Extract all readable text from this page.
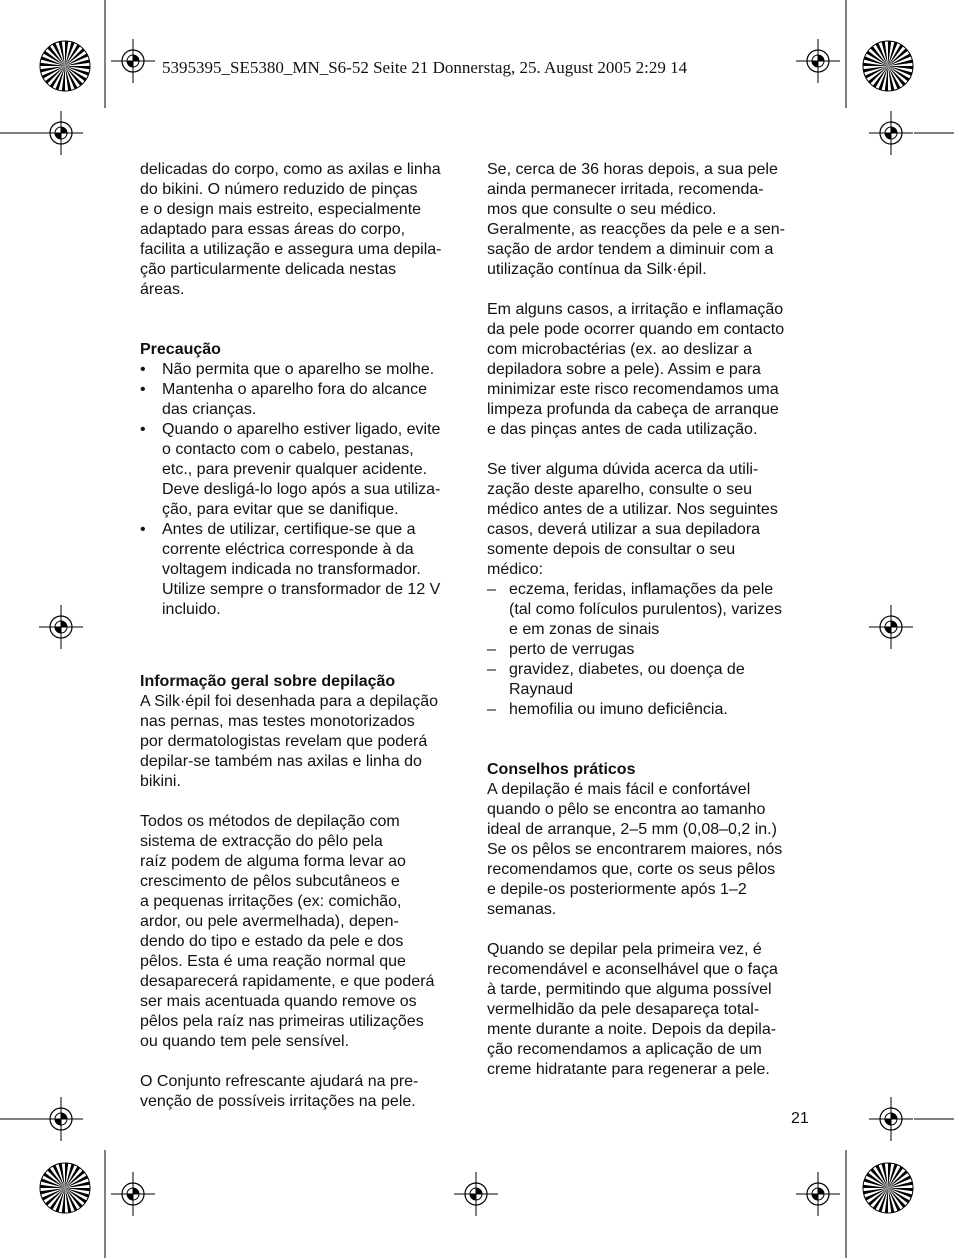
5395395_SE5380_MN_S6-52 Seite 21 Donnerstag, 25. August 2005 2:29 14

delicadas do corpo, como as axilas e linha

do bikini. O número reduzido de pinças

e o design mais estreito, especialmente

adaptado para essas áreas do corpo,

facilita a utilização e assegura uma depila-

ção particularmente delicada nestas

áreas.

Precaução
•	Não permita que o aparelho se molhe.

•	Mantenha o aparelho fora do alcance

das crianças.

•	Quando o aparelho estiver ligado, evite

o contacto com o cabelo, pestanas,

etc., para prevenir qualquer acidente.

Deve desligá-lo logo após a sua utiliza-

ção, para evitar que se danifique.

•	Antes de utilizar, certifique-se que a

corrente eléctrica corresponde à da

voltagem indicada no transformador.

Utilize sempre o transformador de 12 V

incluido.

Informação geral sobre depilação

A Silk·épil foi desenhada para a depilação

nas pernas, mas testes monotorizados

por dermatologistas revelam que poderá

depilar-se também nas axilas e linha do

bikini.

Todos os métodos de depilação com

sistema de extracção do pêlo pela

raíz podem de alguma forma levar ao

crescimento de pêlos subcutâneos e

a pequenas irritações (ex: comichão,

ardor, ou pele avermelhada), depen-

dendo do tipo e estado da pele e dos

pêlos. Esta é uma reação normal que

desaparecerá rapidamente, e que poderá

ser mais acentuada quando remove os

pêlos pela raíz nas primeiras utilizações

ou quando tem pele sensível.

O Conjunto refrescante ajudará na pre-

venção de possíveis irritações na pele.

Se, cerca de 36 horas depois, a sua pele

ainda permanecer irritada, recomenda-

mos que consulte o seu médico.

Geralmente, as reacções da pele e a sen-

sação de ardor tendem a diminuir com a

utilização contínua da Silk·épil.

Em alguns casos, a irritação e inflamação

da pele pode ocorrer quando em contacto

com microbactérias (ex. ao deslizar a

depiladora sobre a pele). Assim e para

minimizar este risco recomendamos uma

limpeza profunda da cabeça de arranque

e das pinças antes de cada utilização.

Se tiver alguma dúvida acerca da utili-

zação deste aparelho, consulte o seu

médico antes de a utilizar. Nos seguintes

casos, deverá utilizar a sua depiladora

somente depois de consultar o seu

médico:

– eczema, feridas, inflamações da pele

(tal como folículos purulentos), varizes

e em zonas de sinais

– perto de verrugas

– gravidez, diabetes, ou doença de

Raynaud

– hemofilia ou imuno deficiência.

Conselhos práticos

A depilação é mais fácil e confortável

quando o pêlo se encontra ao tamanho

ideal de arranque, 2–5 mm (0,08–0,2 in.)

Se os pêlos se encontrarem maiores, nós

recomendamos que, corte os seus pêlos

e depile-os posteriormente após 1–2

semanas.

Quando se depilar pela primeira vez, é

recomendável e aconselhável que o faça

à tarde, permitindo que alguma possível

vermelhidão da pele desapareça total-

mente durante a noite. Depois da depila-

ção recomendamos a aplicação de um

creme hidratante para regenerar a pele.

21
